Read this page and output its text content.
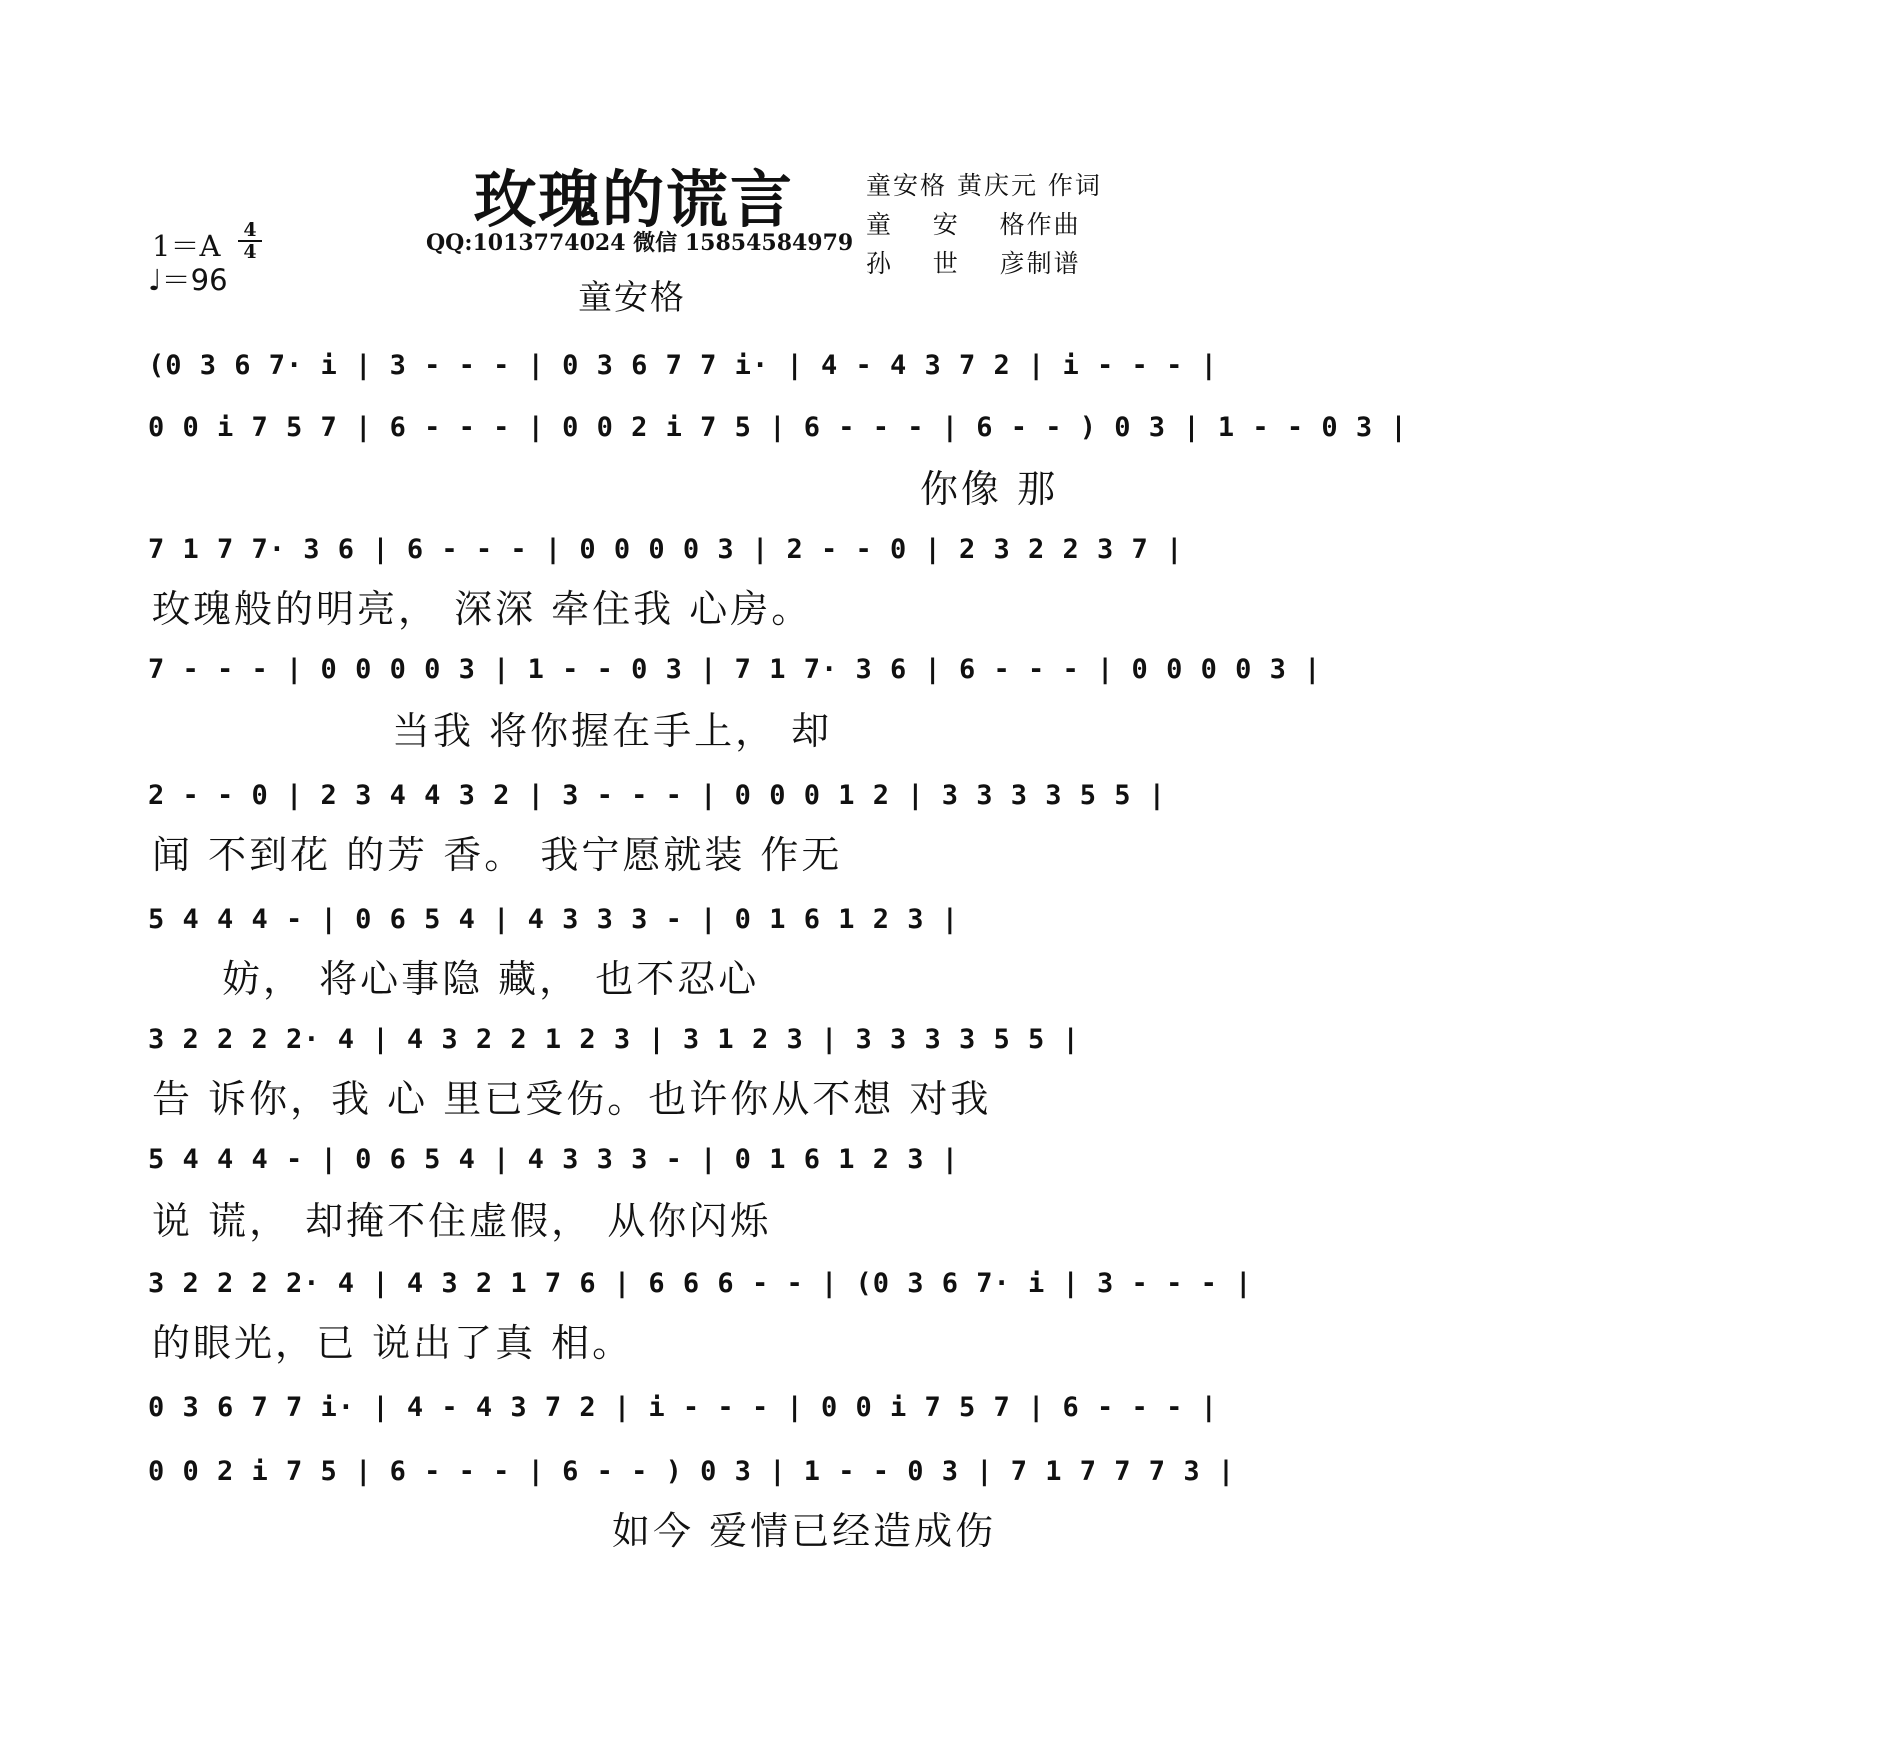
玫瑰的谎言	童安格 黄庆元 作词
童    安    格作曲
孙    世    彦制谱
$1=A \frac{4}{4}$
♩＝96
QQ:1013774024 微信 15854584979
童安格
(0 3 6 7· i | 3 - - - | 0 3 6 7 7 i· | 4 - 4 3 7 2 | i - - - |
0 0 i 7 5 7 | 6 - - - | 0 0 2 i 7 5 | 6 - - - | 6 - - ) 0 3 | 1 - - 0 3 |
你像 那
7 1 7 7· 3 6 | 6 - - - | 0 0 0 0 3 | 2 - - 0 | 2 3 2 2 3 7 |
玫瑰般的明亮， 深深 牵住我 心房。
7 - - - | 0 0 0 0 3 | 1 - - 0 3 | 7 1 7· 3 6 | 6 - - - | 0 0 0 0 3 |
当我 将你握在手上， 却
2 - - 0 | 2 3 4 4 3 2 | 3 - - - | 0 0 0 1 2 | 3 3 3 3 5 5 |
闻 不到花 的芳 香。 我宁愿就装 作无
5 4 4 4 - | 0 6 5 4 | 4 3 3 3 - | 0 1 6 1 2 3 |
妨， 将心事隐 藏， 也不忍心
3 2 2 2 2· 4 | 4 3 2 2 1 2 3 | 3 1 2 3 | 3 3 3 3 5 5 |
告 诉你，我 心 里已受伤。也许你从不想 对我
5 4 4 4 - | 0 6 5 4 | 4 3 3 3 - | 0 1 6 1 2 3 |
说 谎， 却掩不住虚假， 从你闪烁
3 2 2 2 2· 4 | 4 3 2 1 7 6 | 6 6 6 - - | (0 3 6 7· i | 3 - - - |
的眼光，已 说出了真 相。
0 3 6 7 7 i· | 4 - 4 3 7 2 | i - - - | 0 0 i 7 5 7 | 6 - - - |
0 0 2 i 7 5 | 6 - - - | 6 - - ) 0 3 | 1 - - 0 3 | 7 1 7 7 7 3 |
如今 爱情已经造成伤
